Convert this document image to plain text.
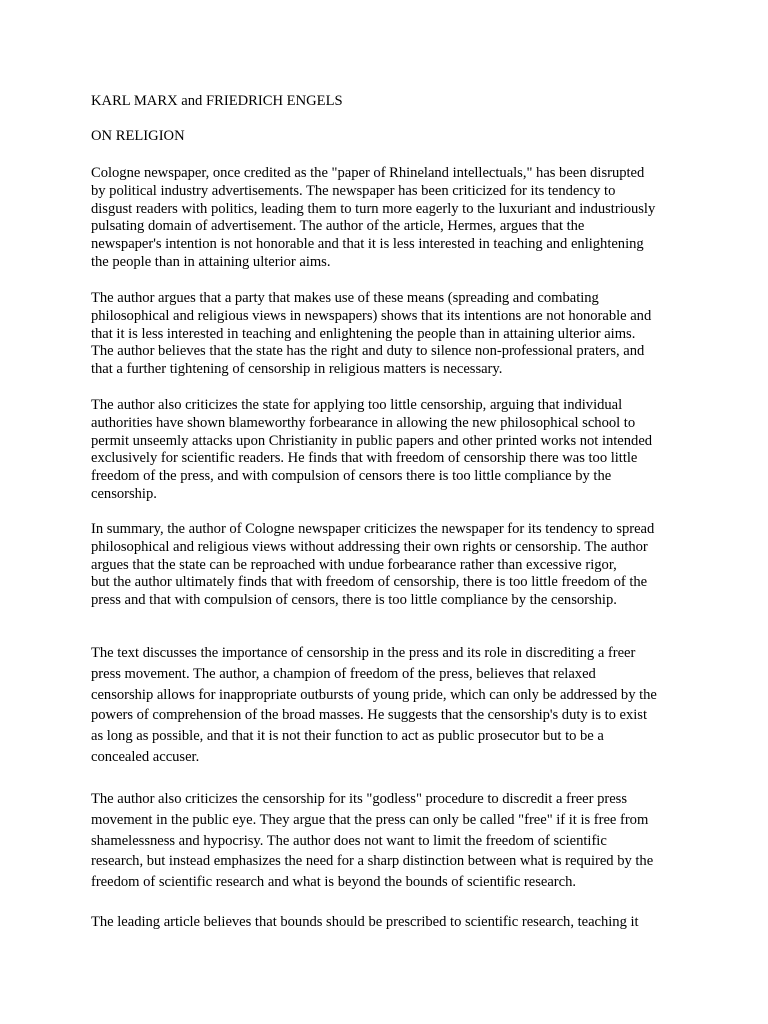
KARL MARX and FRIEDRICH ENGELS

ON RELIGION

Cologne newspaper, once credited as the "paper of Rhineland intellectuals," has been disrupted
by political industry advertisements. The newspaper has been criticized for its tendency to
disgust readers with politics, leading them to turn more eagerly to the luxuriant and industriously
pulsating domain of advertisement. The author of the article, Hermes, argues that the
newspaper's intention is not honorable and that it is less interested in teaching and enlightening
the people than in attaining ulterior aims.

The author argues that a party that makes use of these means (spreading and combating
philosophical and religious views in newspapers) shows that its intentions are not honorable and
that it is less interested in teaching and enlightening the people than in attaining ulterior aims.
The author believes that the state has the right and duty to silence non-professional praters, and
that a further tightening of censorship in religious matters is necessary.

The author also criticizes the state for applying too little censorship, arguing that individual
authorities have shown blameworthy forbearance in allowing the new philosophical school to
permit unseemly attacks upon Christianity in public papers and other printed works not intended
exclusively for scientific readers. He finds that with freedom of censorship there was too little
freedom of the press, and with compulsion of censors there is too little compliance by the
censorship.

In summary, the author of Cologne newspaper criticizes the newspaper for its tendency to spread
philosophical and religious views without addressing their own rights or censorship. The author
argues that the state can be reproached with undue forbearance rather than excessive rigor,
but the author ultimately finds that with freedom of censorship, there is too little freedom of the
press and that with compulsion of censors, there is too little compliance by the censorship.

The text discusses the importance of censorship in the press and its role in discrediting a freer
press movement. The author, a champion of freedom of the press, believes that relaxed
censorship allows for inappropriate outbursts of young pride, which can only be addressed by the
powers of comprehension of the broad masses. He suggests that the censorship's duty is to exist
as long as possible, and that it is not their function to act as public prosecutor but to be a
concealed accuser.

The author also criticizes the censorship for its "godless" procedure to discredit a freer press
movement in the public eye. They argue that the press can only be called "free" if it is free from
shamelessness and hypocrisy. The author does not want to limit the freedom of scientific
research, but instead emphasizes the need for a sharp distinction between what is required by the
freedom of scientific research and what is beyond the bounds of scientific research.

The leading article believes that bounds should be prescribed to scientific research, teaching it
